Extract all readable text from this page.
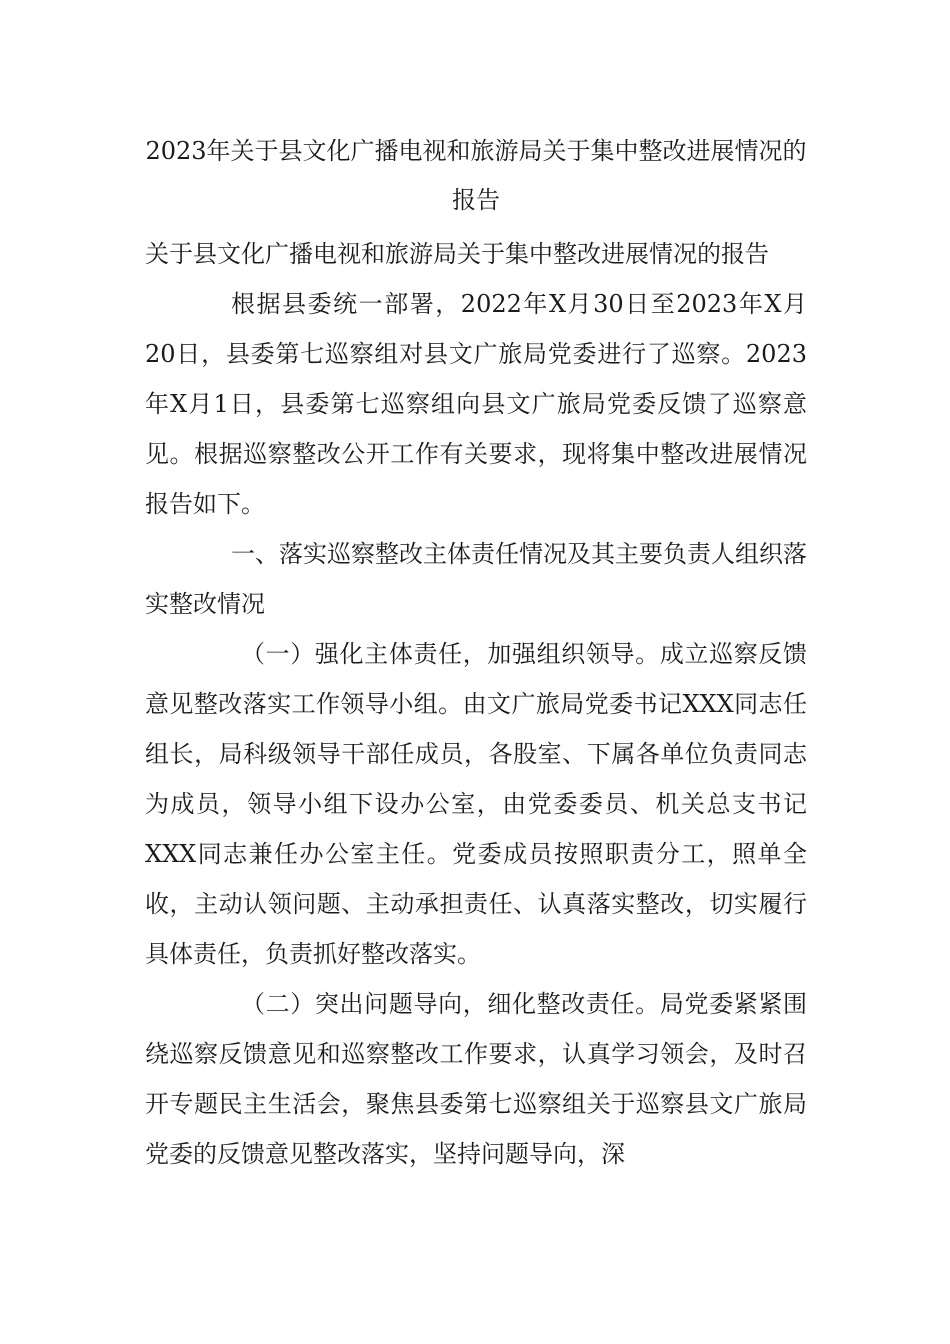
2023年关于县文化广播电视和旅游局关于集中整改进展情况的报告
关于县文化广播电视和旅游局关于集中整改进展情况的报告

根据县委统一部署，2022年X月30日至2023年X月20日，县委第七巡察组对县文广旅局党委进行了巡察。2023年X月1日，县委第七巡察组向县文广旅局党委反馈了巡察意见。根据巡察整改公开工作有关要求，现将集中整改进展情况报告如下。

一、落实巡察整改主体责任情况及其主要负责人组织落实整改情况

（一）强化主体责任，加强组织领导。成立巡察反馈意见整改落实工作领导小组。由文广旅局党委书记XXX同志任组长，局科级领导干部任成员，各股室、下属各单位负责同志为成员，领导小组下设办公室，由党委委员、机关总支书记XXX同志兼任办公室主任。党委成员按照职责分工，照单全收，主动认领问题、主动承担责任、认真落实整改，切实履行具体责任，负责抓好整改落实。

（二）突出问题导向，细化整改责任。局党委紧紧围绕巡察反馈意见和巡察整改工作要求，认真学习领会，及时召开专题民主生活会，聚焦县委第七巡察组关于巡察县文广旅局党委的反馈意见整改落实，坚持问题导向，深
